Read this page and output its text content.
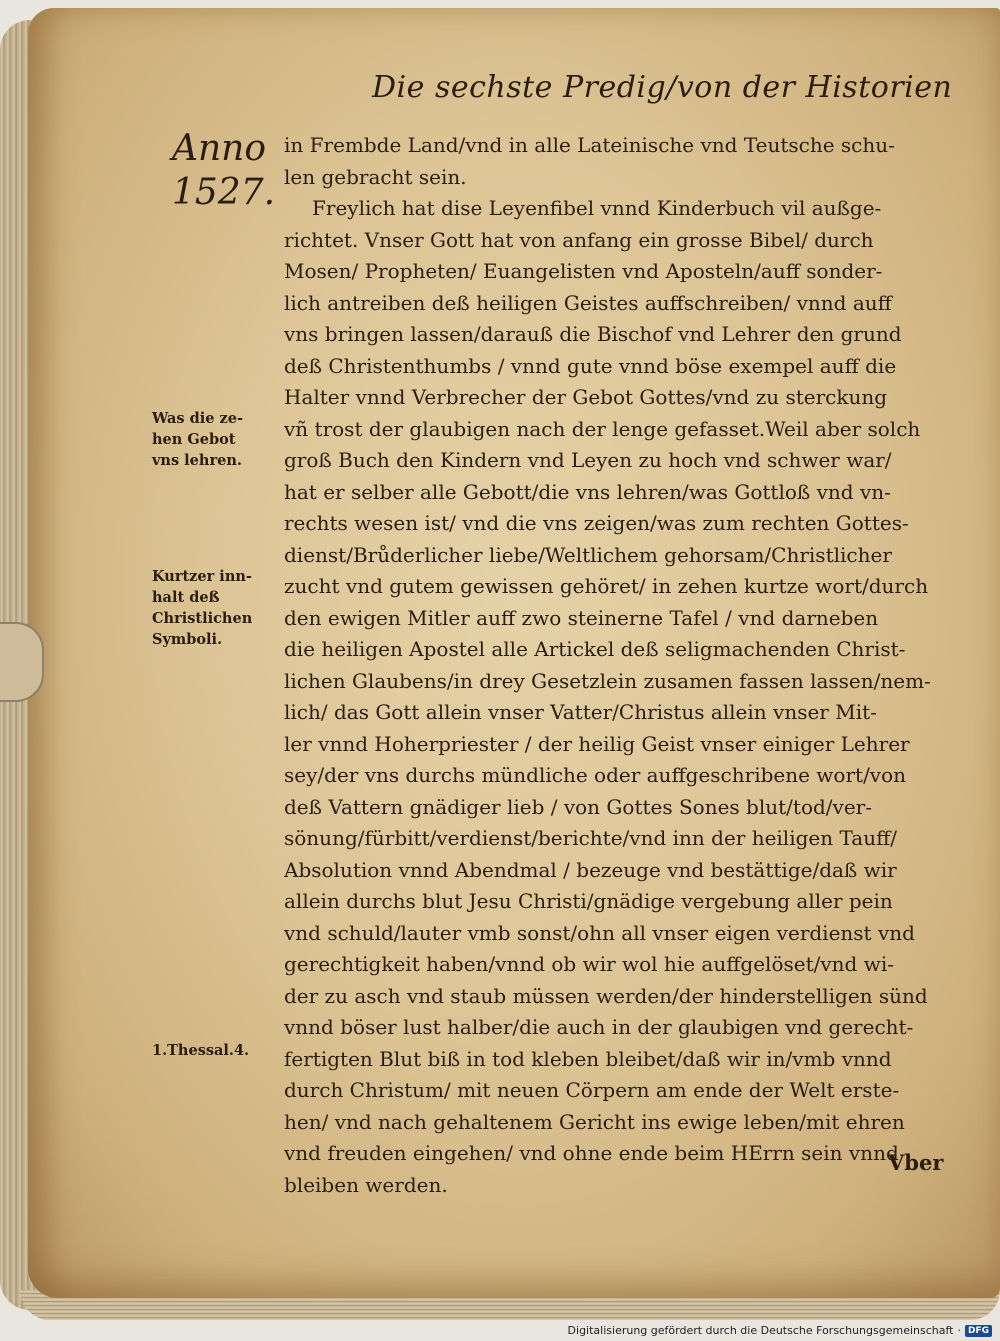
Die sechste Predig/von der Historien
Anno
1527.
Was die ze-
hen Gebot
vns lehren.
Kurtzer inn-
halt deß
Christlichen
Symboli.
1.Thessal.4.
in Frembde Land/vnd in alle Lateinische vnd Teutsche schu-
len gebracht sein.
Freylich hat dise Leyenfibel vnnd Kinderbuch vil außge-
richtet. Vnser Gott hat von anfang ein grosse Bibel/ durch
Mosen/ Propheten/ Euangelisten vnd Aposteln/auff sonder-
lich antreiben deß heiligen Geistes auffschreiben/ vnnd auff
vns bringen lassen/darauß die Bischof vnd Lehrer den grund
deß Christenthumbs / vnnd gute vnnd böse exempel auff die
Halter vnnd Verbrecher der Gebot Gottes/vnd zu sterckung
vñ trost der glaubigen nach der lenge gefasset.Weil aber solch
groß Buch den Kindern vnd Leyen zu hoch vnd schwer war/
hat er selber alle Gebott/die vns lehren/was Gottloß vnd vn-
rechts wesen ist/ vnd die vns zeigen/was zum rechten Gottes-
dienst/Brůderlicher liebe/Weltlichem gehorsam/Christlicher
zucht vnd gutem gewissen gehöret/ in zehen kurtze wort/durch
den ewigen Mitler auff zwo steinerne Tafel / vnd darneben
die heiligen Apostel alle Artickel deß seligmachenden Christ-
lichen Glaubens/in drey Gesetzlein zusamen fassen lassen/nem-
lich/ das Gott allein vnser Vatter/Christus allein vnser Mit-
ler vnnd Hoherpriester / der heilig Geist vnser einiger Lehrer
sey/der vns durchs mündliche oder auffgeschribene wort/von
deß Vattern gnädiger lieb / von Gottes Sones blut/tod/ver-
sönung/fürbitt/verdienst/berichte/vnd inn der heiligen Tauff/
Absolution vnnd Abendmal / bezeuge vnd bestättige/daß wir
allein durchs blut Jesu Christi/gnädige vergebung aller pein
vnd schuld/lauter vmb sonst/ohn all vnser eigen verdienst vnd
gerechtigkeit haben/vnnd ob wir wol hie auffgelöset/vnd wi-
der zu asch vnd staub müssen werden/der hinderstelligen sünd
vnnd böser lust halber/die auch in der glaubigen vnd gerecht-
fertigten Blut biß in tod kleben bleibet/daß wir in/vmb vnnd
durch Christum/ mit neuen Cörpern am ende der Welt erste-
hen/ vnd nach gehaltenem Gericht ins ewige leben/mit ehren
vnd freuden eingehen/ vnd ohne ende beim HErrn sein vnnd
bleiben werden.
Vber
Digitalisierung gefördert durch die Deutsche Forschungsgemeinschaft · DFG
